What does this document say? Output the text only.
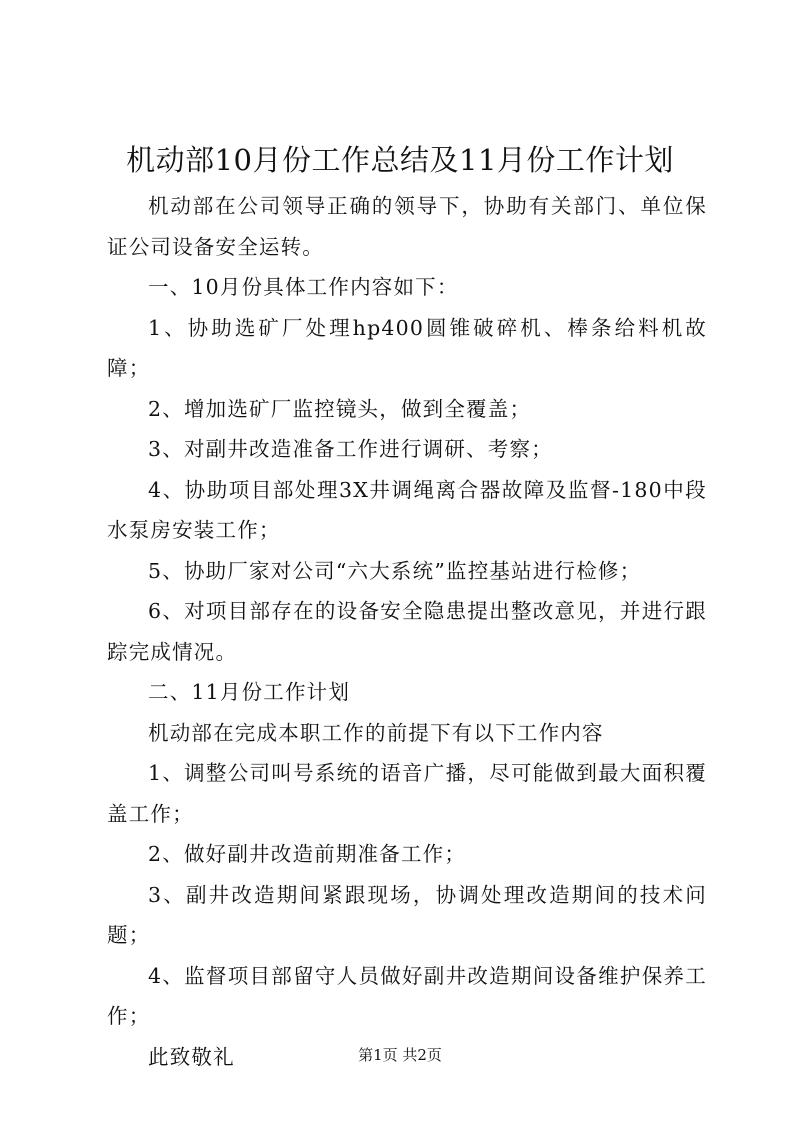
机动部10月份工作总结及11月份工作计划

机动部在公司领导正确的领导下，协助有关部门、单位保证公司设备安全运转。

一、10月份具体工作内容如下：

1、协助选矿厂处理hp400圆锥破碎机、棒条给料机故障；

2、增加选矿厂监控镜头，做到全覆盖；

3、对副井改造准备工作进行调研、考察；

4、协助项目部处理3X井调绳离合器故障及监督-180中段水泵房安装工作；

5、协助厂家对公司“六大系统”监控基站进行检修；

6、对项目部存在的设备安全隐患提出整改意见，并进行跟踪完成情况。

二、11月份工作计划

机动部在完成本职工作的前提下有以下工作内容

1、调整公司叫号系统的语音广播，尽可能做到最大面积覆盖工作；

2、做好副井改造前期准备工作；

3、副井改造期间紧跟现场，协调处理改造期间的技术问题；

4、监督项目部留守人员做好副井改造期间设备维护保养工作；

此致敬礼	第1页 共2页
